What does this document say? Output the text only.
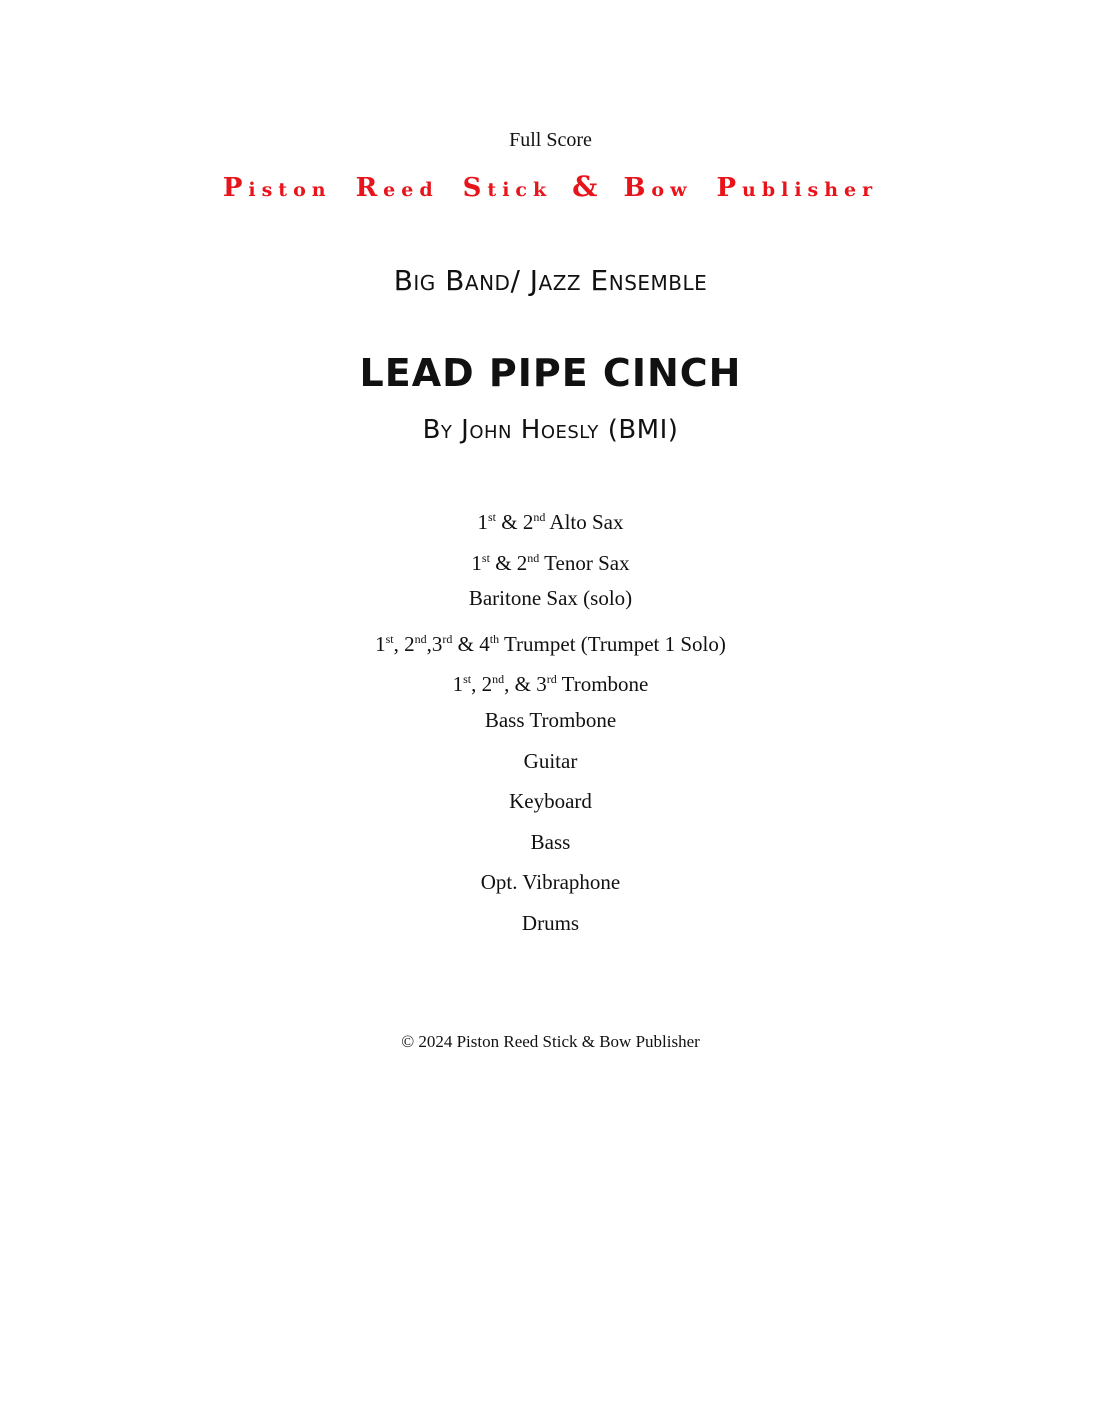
Full Score
Piston Reed Stick & Bow Publisher
Big Band/ Jazz Ensemble
LEAD PIPE CINCH
By John Hoesly (BMI)
1st & 2nd Alto Sax
1st & 2nd Tenor Sax
Baritone Sax (solo)
1st, 2nd,3rd & 4th Trumpet (Trumpet 1 Solo)
1st, 2nd, & 3rd Trombone
Bass Trombone
Guitar
Keyboard
Bass
Opt. Vibraphone
Drums
© 2024 Piston Reed Stick & Bow Publisher
